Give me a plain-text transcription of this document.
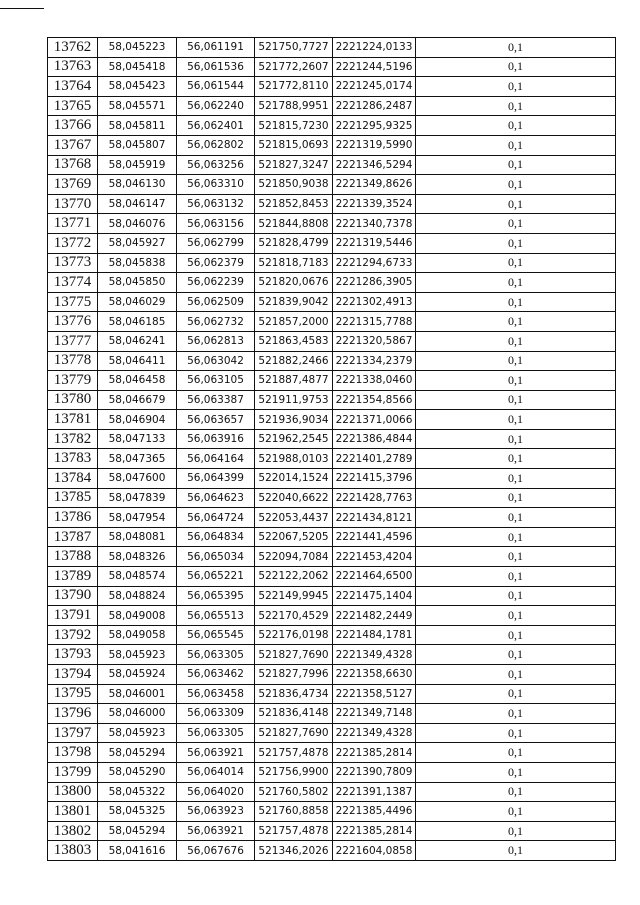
13762	58,045223	56,061191	521750,7727	2221224,0133	0,1
13763	58,045418	56,061536	521772,2607	2221244,5196	0,1
13764	58,045423	56,061544	521772,8110	2221245,0174	0,1
13765	58,045571	56,062240	521788,9951	2221286,2487	0,1
13766	58,045811	56,062401	521815,7230	2221295,9325	0,1
13767	58,045807	56,062802	521815,0693	2221319,5990	0,1
13768	58,045919	56,063256	521827,3247	2221346,5294	0,1
13769	58,046130	56,063310	521850,9038	2221349,8626	0,1
13770	58,046147	56,063132	521852,8453	2221339,3524	0,1
13771	58,046076	56,063156	521844,8808	2221340,7378	0,1
13772	58,045927	56,062799	521828,4799	2221319,5446	0,1
13773	58,045838	56,062379	521818,7183	2221294,6733	0,1
13774	58,045850	56,062239	521820,0676	2221286,3905	0,1
13775	58,046029	56,062509	521839,9042	2221302,4913	0,1
13776	58,046185	56,062732	521857,2000	2221315,7788	0,1
13777	58,046241	56,062813	521863,4583	2221320,5867	0,1
13778	58,046411	56,063042	521882,2466	2221334,2379	0,1
13779	58,046458	56,063105	521887,4877	2221338,0460	0,1
13780	58,046679	56,063387	521911,9753	2221354,8566	0,1
13781	58,046904	56,063657	521936,9034	2221371,0066	0,1
13782	58,047133	56,063916	521962,2545	2221386,4844	0,1
13783	58,047365	56,064164	521988,0103	2221401,2789	0,1
13784	58,047600	56,064399	522014,1524	2221415,3796	0,1
13785	58,047839	56,064623	522040,6622	2221428,7763	0,1
13786	58,047954	56,064724	522053,4437	2221434,8121	0,1
13787	58,048081	56,064834	522067,5205	2221441,4596	0,1
13788	58,048326	56,065034	522094,7084	2221453,4204	0,1
13789	58,048574	56,065221	522122,2062	2221464,6500	0,1
13790	58,048824	56,065395	522149,9945	2221475,1404	0,1
13791	58,049008	56,065513	522170,4529	2221482,2449	0,1
13792	58,049058	56,065545	522176,0198	2221484,1781	0,1
13793	58,045923	56,063305	521827,7690	2221349,4328	0,1
13794	58,045924	56,063462	521827,7996	2221358,6630	0,1
13795	58,046001	56,063458	521836,4734	2221358,5127	0,1
13796	58,046000	56,063309	521836,4148	2221349,7148	0,1
13797	58,045923	56,063305	521827,7690	2221349,4328	0,1
13798	58,045294	56,063921	521757,4878	2221385,2814	0,1
13799	58,045290	56,064014	521756,9900	2221390,7809	0,1
13800	58,045322	56,064020	521760,5802	2221391,1387	0,1
13801	58,045325	56,063923	521760,8858	2221385,4496	0,1
13802	58,045294	56,063921	521757,4878	2221385,2814	0,1
13803	58,041616	56,067676	521346,2026	2221604,0858	0,1
